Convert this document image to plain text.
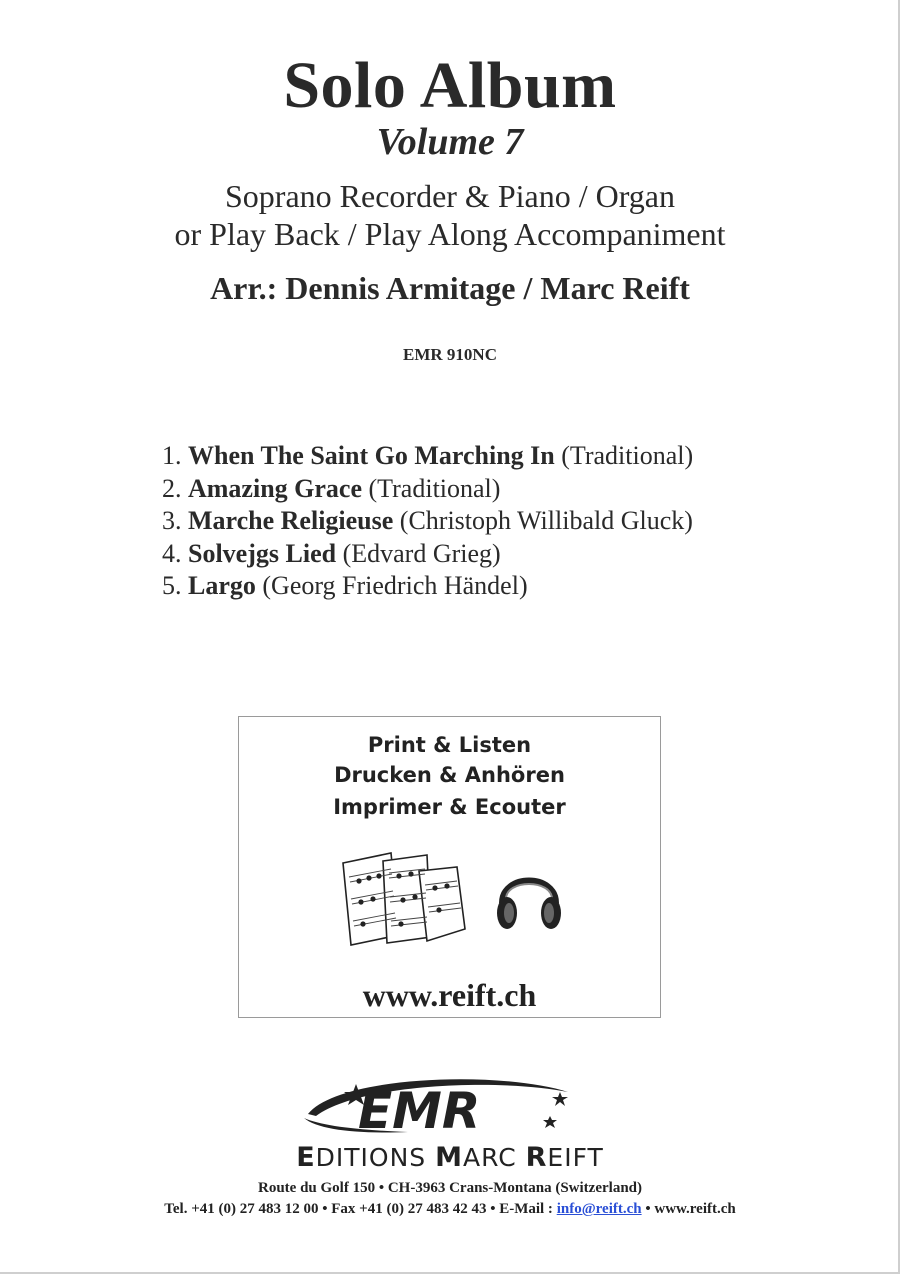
Solo Album
Volume 7
Soprano Recorder & Piano / Organ
or Play Back / Play Along Accompaniment
Arr.: Dennis Armitage / Marc Reift
EMR 910NC
1. When The Saint Go Marching In (Traditional)
2. Amazing Grace (Traditional)
3. Marche Religieuse (Christoph Willibald Gluck)
4. Solvejgs Lied (Edvard Grieg)
5. Largo (Georg Friedrich Händel)
Print & Listen
Drucken & Anhören
Imprimer & Ecouter
www.reift.ch
EMR
EDITIONS MARC REIFT
Route du Golf 150 • CH-3963 Crans-Montana (Switzerland)
Tel. +41 (0) 27 483 12 00 • Fax +41 (0) 27 483 42 43 • E-Mail : info@reift.ch • www.reift.ch
